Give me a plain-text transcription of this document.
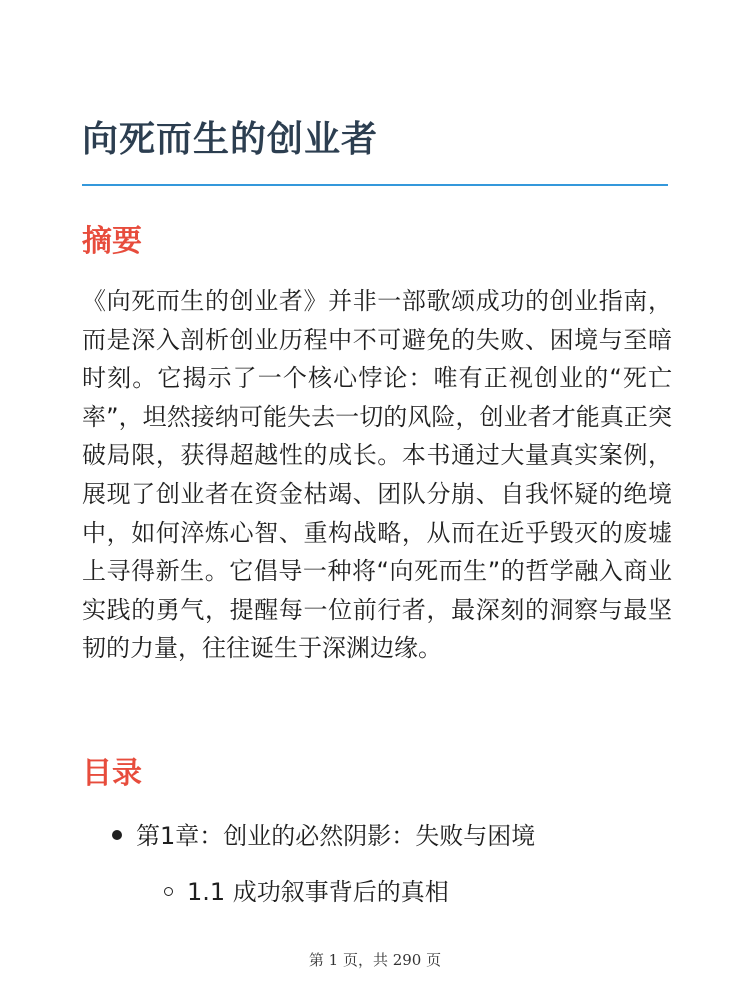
向死而生的创业者
摘要

《向死而生的创业者》并非一部歌颂成功的创业指南，而是深入剖析创业历程中不可避免的失败、困境与至暗时刻。它揭示了一个核心悖论：唯有正视创业的“死亡率”，坦然接纳可能失去一切的风险，创业者才能真正突破局限，获得超越性的成长。本书通过大量真实案例，展现了创业者在资金枯竭、团队分崩、自我怀疑的绝境中，如何淬炼心智、重构战略，从而在近乎毁灭的废墟上寻得新生。它倡导一种将“向死而生”的哲学融入商业实践的勇气，提醒每一位前行者，最深刻的洞察与最坚韧的力量，往往诞生于深渊边缘。

目录
第1章：创业的必然阴影：失败与困境
1.1 成功叙事背后的真相
第 1 页，共 290 页
